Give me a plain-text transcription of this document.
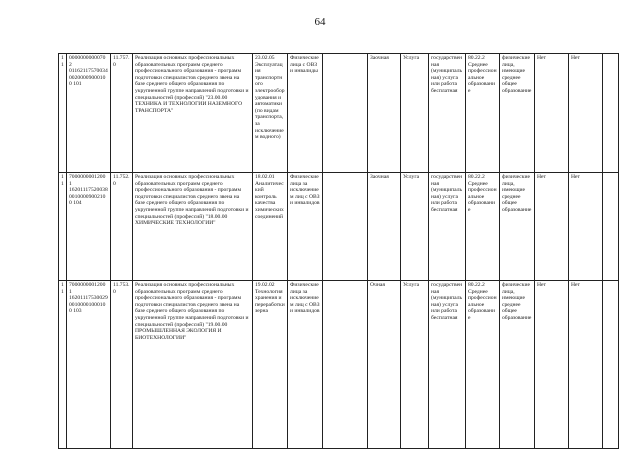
64
11	00000000000702 01162117570034 00200009000100 101	11.757.0	Реализация основных профессиональных образовательных программ среднего профессионального образования - программ подготовки специалистов среднего звена на базе среднего общего образования по укрупненной группе направлений подготовки и специальностей (профессий) "23.00.00 ТЕХНИКА И ТЕХНОЛОГИИ НАЗЕМНОГО ТРАНСПОРТА"	23.02.05 Эксплуатация транспортного электрооборудования и автоматики (по видам транспорта, за исключением водного)	Физические лица с ОВЗ и инвалиды		Заочная	Услуга	государственная (муниципальная) услуга или работа бесплатная	80.22.2 Среднее профессиональное образование	физические лица, имеющие среднее общее образование	Нет	Нет	
11	70000000012001 16201117520038 00100009002100 104	11.752.0	Реализация основных профессиональных образовательных программ среднего профессионального образования - программ подготовки специалистов среднего звена на базе среднего общего образования по укрупненной группе направлений подготовки и специальностей (профессий) "18.00.00 ХИМИЧЕСКИЕ ТЕХНОЛОГИИ"	18.02.01 Аналитический контроль качества химических соединений	Физические лица за исключением лиц с ОВЗ и инвалидов		Заочная	Услуга	государственная (муниципальная) услуга или работа бесплатная	80.22.2 Среднее профессиональное образование	физические лица, имеющие среднее общее образование	Нет	Нет	
11	70000000012001 16201117530029 00100001000100 103	11.753.0	Реализация основных профессиональных образовательных программ среднего профессионального образования - программ подготовки специалистов среднего звена на базе среднего общего образования по укрупненной группе направлений подготовки и специальностей (профессий) "19.00.00 ПРОМЫШЛЕННАЯ ЭКОЛОГИЯ И БИОТЕХНОЛОГИИ"	19.02.02 Технология хранения и переработки зерна	Физические лица за исключением лиц с ОВЗ и инвалидов		Очная	Услуга	государственная (муниципальная) услуга или работа бесплатная	80.22.2 Среднее профессиональное образование	физические лица, имеющие среднее общее образование	Нет	Нет	
